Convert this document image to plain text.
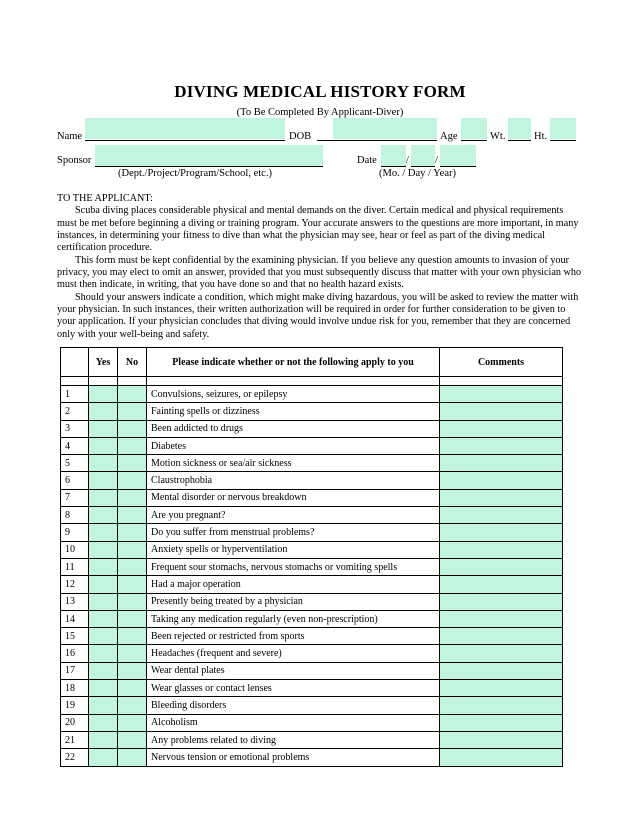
DIVING MEDICAL HISTORY FORM
(To Be Completed By Applicant-Diver)
Name	DOB	Age	Wt.	Ht.
Sponsor
(Dept./Project/Program/School, etc.)
Date	/ /
(Mo. / Day / Year)

TO THE APPLICANT:

Scuba diving places considerable physical and mental demands on the diver. Certain medical and physical requirements must be met before beginning a diving or training program. Your accurate answers to the questions are more important, in many instances, in determining your fitness to dive than what the physician may see, hear or feel as part of the diving medical certification procedure.

This form must be kept confidential by the examining physician. If you believe any question amounts to invasion of your privacy, you may elect to omit an answer, provided that you must subsequently discuss that matter with your own physician who must then indicate, in writing, that you have done so and that no health hazard exists.

Should your answers indicate a condition, which might make diving hazardous, you will be asked to review the matter with your physician. In such instances, their written authorization will be required in order for further consideration to be given to your application. If your physician concludes that diving would involve undue risk for you, remember that they are concerned only with your well-being and safety.

	Yes	No	Please indicate whether or not the following apply to you	Comments

1			Convulsions, seizures, or epilepsy	
2			Fainting spells or dizziness	
3			Been addicted to drugs	
4			Diabetes	
5			Motion sickness or sea/air sickness	
6			Claustrophobia	
7			Mental disorder or nervous breakdown	
8			Are you pregnant?	
9			Do you suffer from menstrual problems?	
10			Anxiety spells or hyperventilation	
11			Frequent sour stomachs, nervous stomachs or vomiting spells	
12			Had a major operation	
13			Presently being treated by a physician	
14			Taking any medication regularly (even non-prescription)	
15			Been rejected or restricted from sports	
16			Headaches (frequent and severe)	
17			Wear dental plates	
18			Wear glasses or contact lenses	
19			Bleeding disorders	
20			Alcoholism	
21			Any problems related to diving	
22			Nervous tension or emotional problems	
